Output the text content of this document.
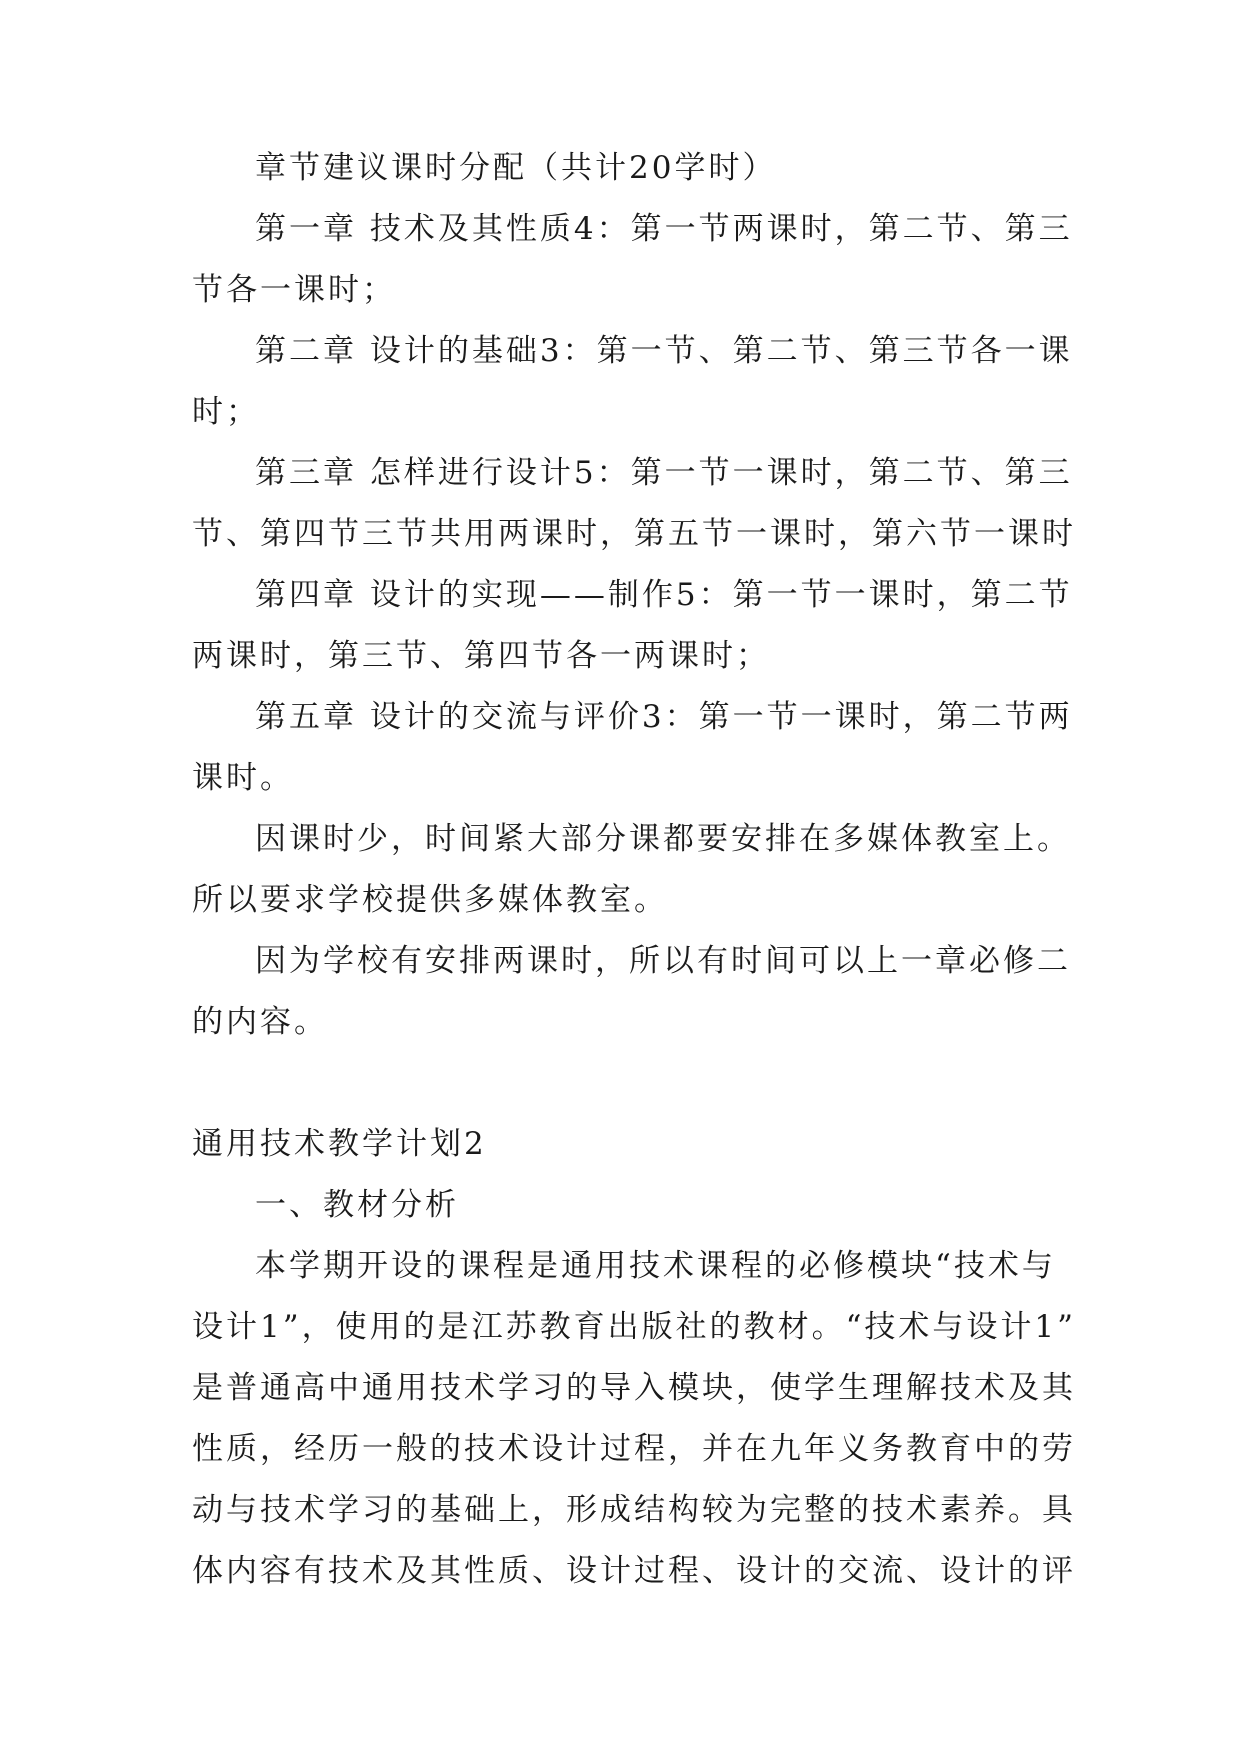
章节建议课时分配（共计20学时）
第一章 技术及其性质4：第一节两课时，第二节、第三
节各一课时；
第二章 设计的基础3：第一节、第二节、第三节各一课
时；
第三章 怎样进行设计5：第一节一课时，第二节、第三
节、第四节三节共用两课时，第五节一课时，第六节一课时
第四章 设计的实现——制作5：第一节一课时，第二节
两课时，第三节、第四节各一两课时；
第五章 设计的交流与评价3：第一节一课时，第二节两
课时。
因课时少，时间紧大部分课都要安排在多媒体教室上。
所以要求学校提供多媒体教室。
因为学校有安排两课时，所以有时间可以上一章必修二
的内容。
通用技术教学计划2
一、教材分析
本学期开设的课程是通用技术课程的必修模块“技术与
设计1”，使用的是江苏教育出版社的教材。“技术与设计1”
是普通高中通用技术学习的导入模块，使学生理解技术及其
性质，经历一般的技术设计过程，并在九年义务教育中的劳
动与技术学习的基础上，形成结构较为完整的技术素养。具
体内容有技术及其性质、设计过程、设计的交流、设计的评
